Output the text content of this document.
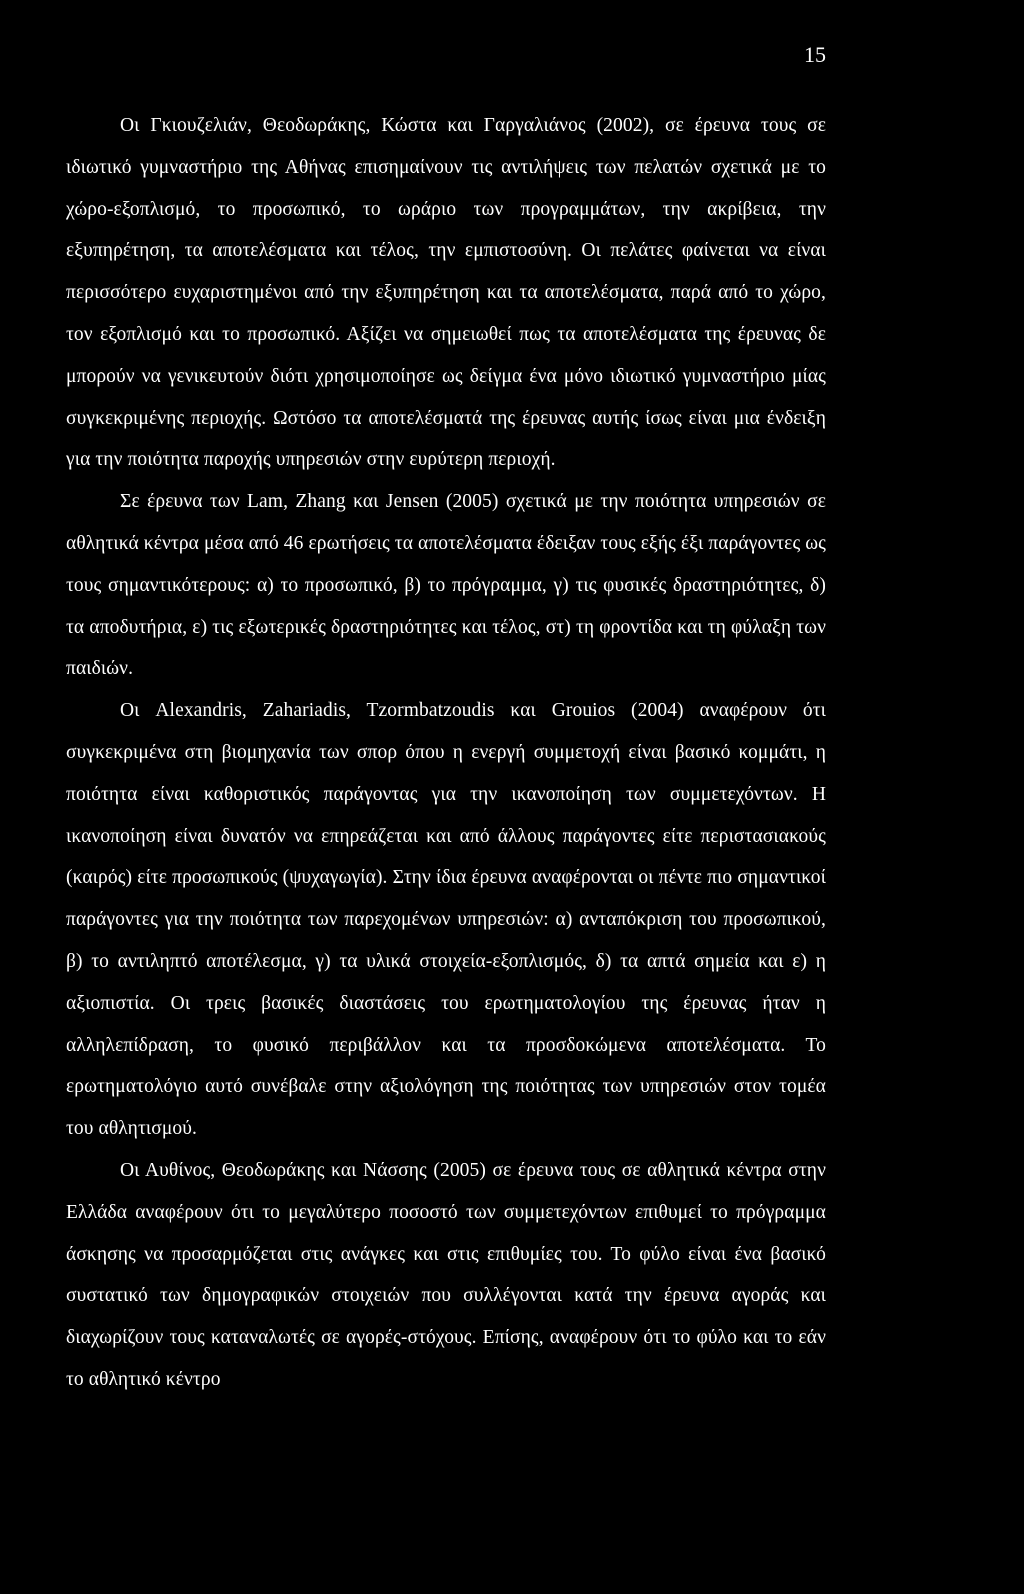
15

Οι Γκιουζελιάν, Θεοδωράκης, Κώστα και Γαργαλιάνος (2002), σε έρευνα τους σε ιδιωτικό γυμναστήριο της Αθήνας επισημαίνουν τις αντιλήψεις των πελατών σχετικά με το χώρο-εξοπλισμό, το προσωπικό, το ωράριο των προγραμμάτων, την ακρίβεια, την εξυπηρέτηση, τα αποτελέσματα και τέλος, την εμπιστοσύνη. Οι πελάτες φαίνεται να είναι περισσότερο ευχαριστημένοι από την εξυπηρέτηση και τα αποτελέσματα, παρά από το χώρο, τον εξοπλισμό και το προσωπικό. Αξίζει να σημειωθεί πως τα αποτελέσματα της έρευνας δε μπορούν να γενικευτούν διότι χρησιμοποίησε ως δείγμα ένα μόνο ιδιωτικό γυμναστήριο μίας συγκεκριμένης περιοχής. Ωστόσο τα αποτελέσματά της έρευνας αυτής ίσως είναι μια ένδειξη για την ποιότητα παροχής υπηρεσιών στην ευρύτερη περιοχή.

Σε έρευνα των Lam, Zhang και Jensen (2005) σχετικά με την ποιότητα υπηρεσιών σε αθλητικά κέντρα μέσα από 46 ερωτήσεις τα αποτελέσματα έδειξαν τους εξής έξι παράγοντες ως τους σημαντικότερους: α) το προσωπικό, β) το πρόγραμμα, γ) τις φυσικές δραστηριότητες, δ) τα αποδυτήρια, ε) τις εξωτερικές δραστηριότητες και τέλος, στ) τη φροντίδα και τη φύλαξη των παιδιών.

Οι Alexandris, Zahariadis, Tzormbatzoudis και Grouios (2004) αναφέρουν ότι συγκεκριμένα στη βιομηχανία των σπορ όπου η ενεργή συμμετοχή είναι βασικό κομμάτι, η ποιότητα είναι καθοριστικός παράγοντας για την ικανοποίηση των συμμετεχόντων. Η ικανοποίηση είναι δυνατόν να επηρεάζεται και από άλλους παράγοντες είτε περιστασιακούς (καιρός) είτε προσωπικούς (ψυχαγωγία). Στην ίδια έρευνα αναφέρονται οι πέντε πιο σημαντικοί παράγοντες για την ποιότητα των παρεχομένων υπηρεσιών: α) ανταπόκριση του προσωπικού, β) το αντιληπτό αποτέλεσμα, γ) τα υλικά στοιχεία-εξοπλισμός, δ) τα απτά σημεία και ε) η αξιοπιστία. Οι τρεις βασικές διαστάσεις του ερωτηματολογίου της έρευνας ήταν η αλληλεπίδραση, το φυσικό περιβάλλον και τα προσδοκώμενα αποτελέσματα. Το ερωτηματολόγιο αυτό συνέβαλε στην αξιολόγηση της ποιότητας των υπηρεσιών στον τομέα του αθλητισμού.

Οι Αυθίνος, Θεοδωράκης και Νάσσης (2005) σε έρευνα τους σε αθλητικά κέντρα στην Ελλάδα αναφέρουν ότι το μεγαλύτερο ποσοστό των συμμετεχόντων επιθυμεί το πρόγραμμα άσκησης να προσαρμόζεται στις ανάγκες και στις επιθυμίες του. Το φύλο είναι ένα βασικό συστατικό των δημογραφικών στοιχειών που συλλέγονται κατά την έρευνα αγοράς και διαχωρίζουν τους καταναλωτές σε αγορές-στόχους. Επίσης, αναφέρουν ότι το φύλο και το εάν το αθλητικό κέντρο
